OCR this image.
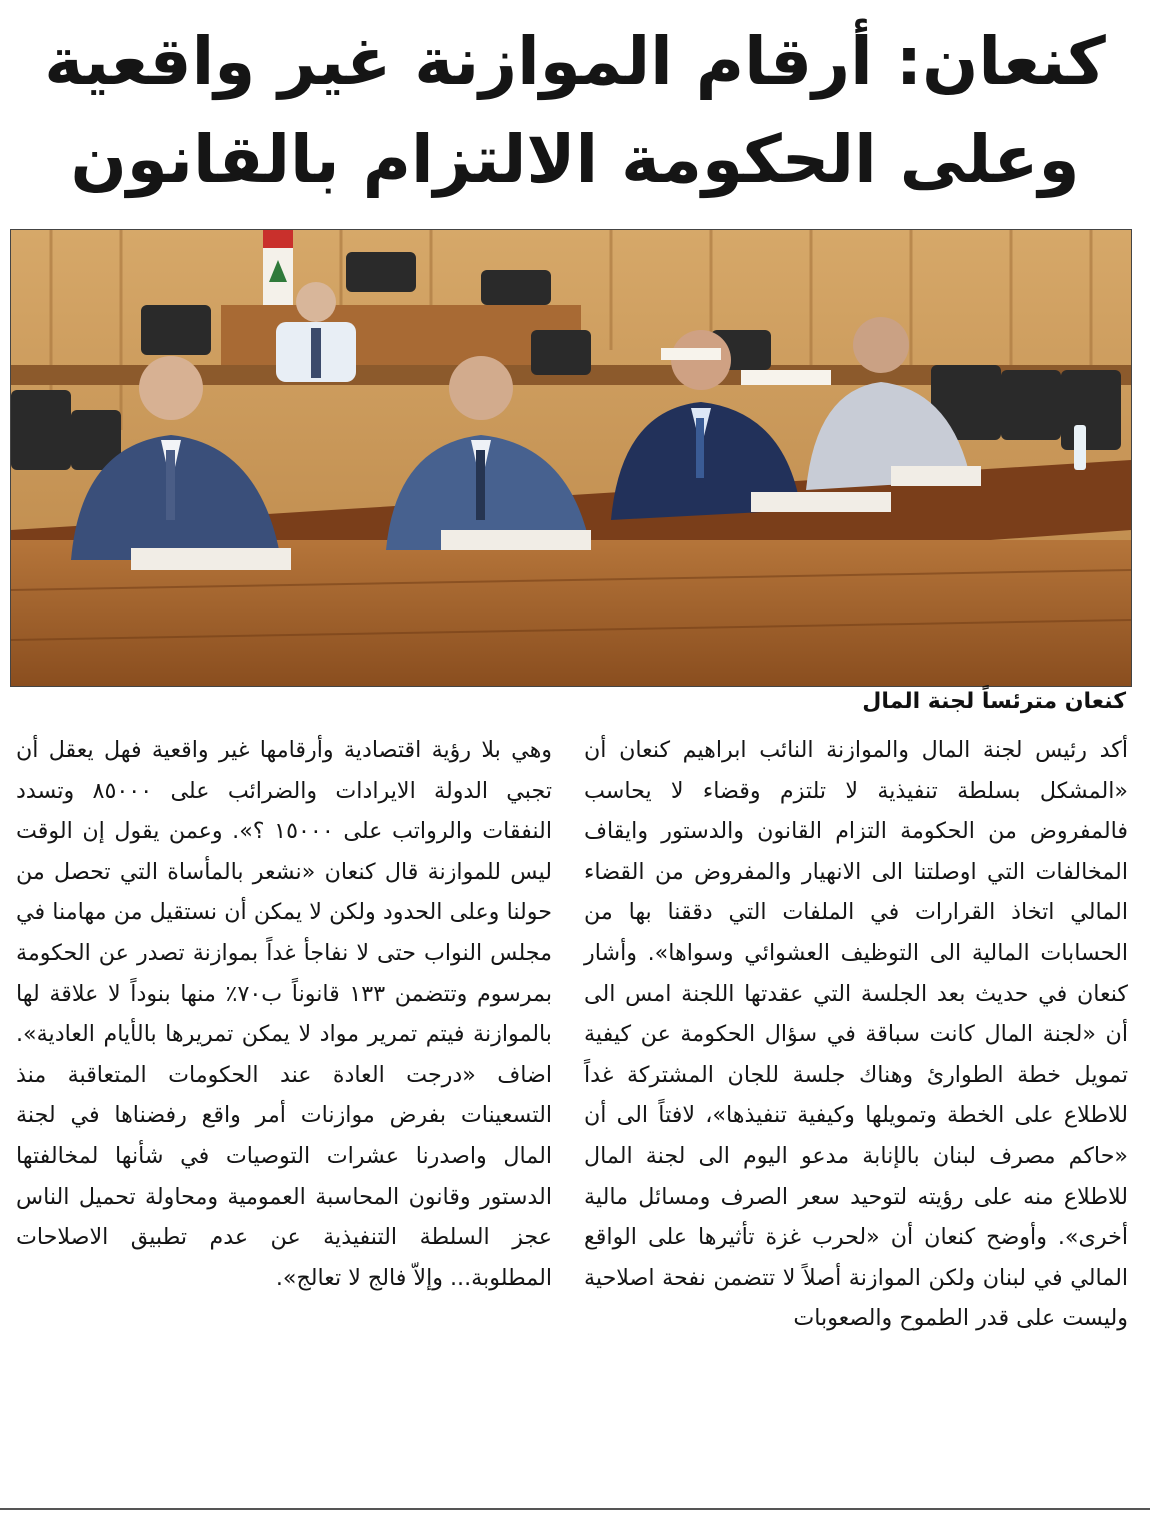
كنعان: أرقام الموازنة غير واقعية
وعلى الحكومة الالتزام بالقانون
كنعان مترئساً لجنة المال

أكد رئيس لجنة المال والموازنة النائب ابراهيم كنعان أن «المشكل بسلطة تنفيذية لا تلتزم وقضاء لا يحاسب فالمفروض من الحكومة التزام القانون والدستور وايقاف المخالفات التي اوصلتنا الى الانهيار والمفروض من القضاء المالي اتخاذ القرارات في الملفات التي دققنا بها من الحسابات المالية الى التوظيف العشوائي وسواها». وأشار كنعان في حديث بعد الجلسة التي عقدتها اللجنة امس الى أن «لجنة المال كانت سباقة في سؤال الحكومة عن كيفية تمويل خطة الطوارئ وهناك جلسة للجان المشتركة غداً للاطلاع على الخطة وتمويلها وكيفية تنفيذها»، لافتاً الى أن «حاكم مصرف لبنان بالإنابة مدعو اليوم الى لجنة المال للاطلاع منه على رؤيته لتوحيد سعر الصرف ومسائل مالية أخرى». وأوضح كنعان أن «لحرب غزة تأثيرها على الواقع المالي في لبنان ولكن الموازنة أصلاً لا تتضمن نفحة اصلاحية وليست على قدر الطموح والصعوبات

وهي بلا رؤية اقتصادية وأرقامها غير واقعية فهل يعقل أن تجبي الدولة الايرادات والضرائب على ٨٥٠٠٠ وتسدد النفقات والرواتب على ١٥٠٠٠ ؟». وعمن يقول إن الوقت ليس للموازنة قال كنعان «نشعر بالمأساة التي تحصل من حولنا وعلى الحدود ولكن لا يمكن أن نستقيل من مهامنا في مجلس النواب حتى لا نفاجأ غداً بموازنة تصدر عن الحكومة بمرسوم وتتضمن ١٣٣ قانوناً ب٧٠٪ منها بنوداً لا علاقة لها بالموازنة فيتم تمرير مواد لا يمكن تمريرها بالأيام العادية». اضاف «درجت العادة عند الحكومات المتعاقبة منذ التسعينات بفرض موازنات أمر واقع رفضناها في لجنة المال واصدرنا عشرات التوصيات في شأنها لمخالفتها الدستور وقانون المحاسبة العمومية ومحاولة تحميل الناس عجز السلطة التنفيذية عن عدم تطبيق الاصلاحات المطلوبة... وإلاّ فالج لا تعالج».
